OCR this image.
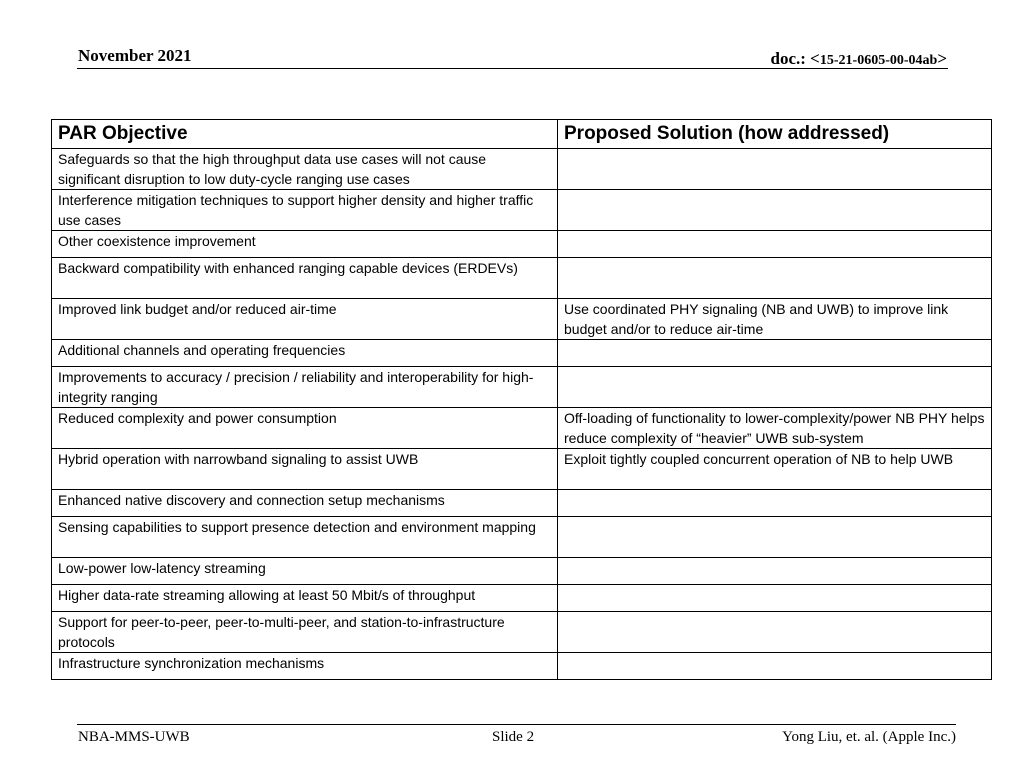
November 2021	doc.: <15-21-0605-00-04ab>
PAR Objective	Proposed Solution (how addressed)
Safeguards so that the high throughput data use cases will not cause significant disruption to low duty-cycle ranging use cases	
Interference mitigation techniques to support higher density and higher traffic use cases	
Other coexistence improvement	
Backward compatibility with enhanced ranging capable devices (ERDEVs)	
Improved link budget and/or reduced air-time	Use coordinated PHY signaling (NB and UWB) to improve link budget and/or to reduce air-time
Additional channels and operating frequencies	
Improvements to accuracy / precision / reliability and interoperability for high-integrity ranging	
Reduced complexity and power consumption	Off-loading of functionality to lower-complexity/power NB PHY helps reduce complexity of “heavier” UWB sub-system
Hybrid operation with narrowband signaling to assist UWB	Exploit tightly coupled concurrent operation of NB to help UWB
Enhanced native discovery and connection setup mechanisms	
Sensing capabilities to support presence detection and environment mapping	
Low-power low-latency streaming	
Higher data-rate streaming allowing at least 50 Mbit/s of throughput	
Support for peer-to-peer, peer-to-multi-peer, and station-to-infrastructure protocols	
Infrastructure synchronization mechanisms	
NBA-MMS-UWB	Slide 2	Yong Liu, et. al. (Apple Inc.)
